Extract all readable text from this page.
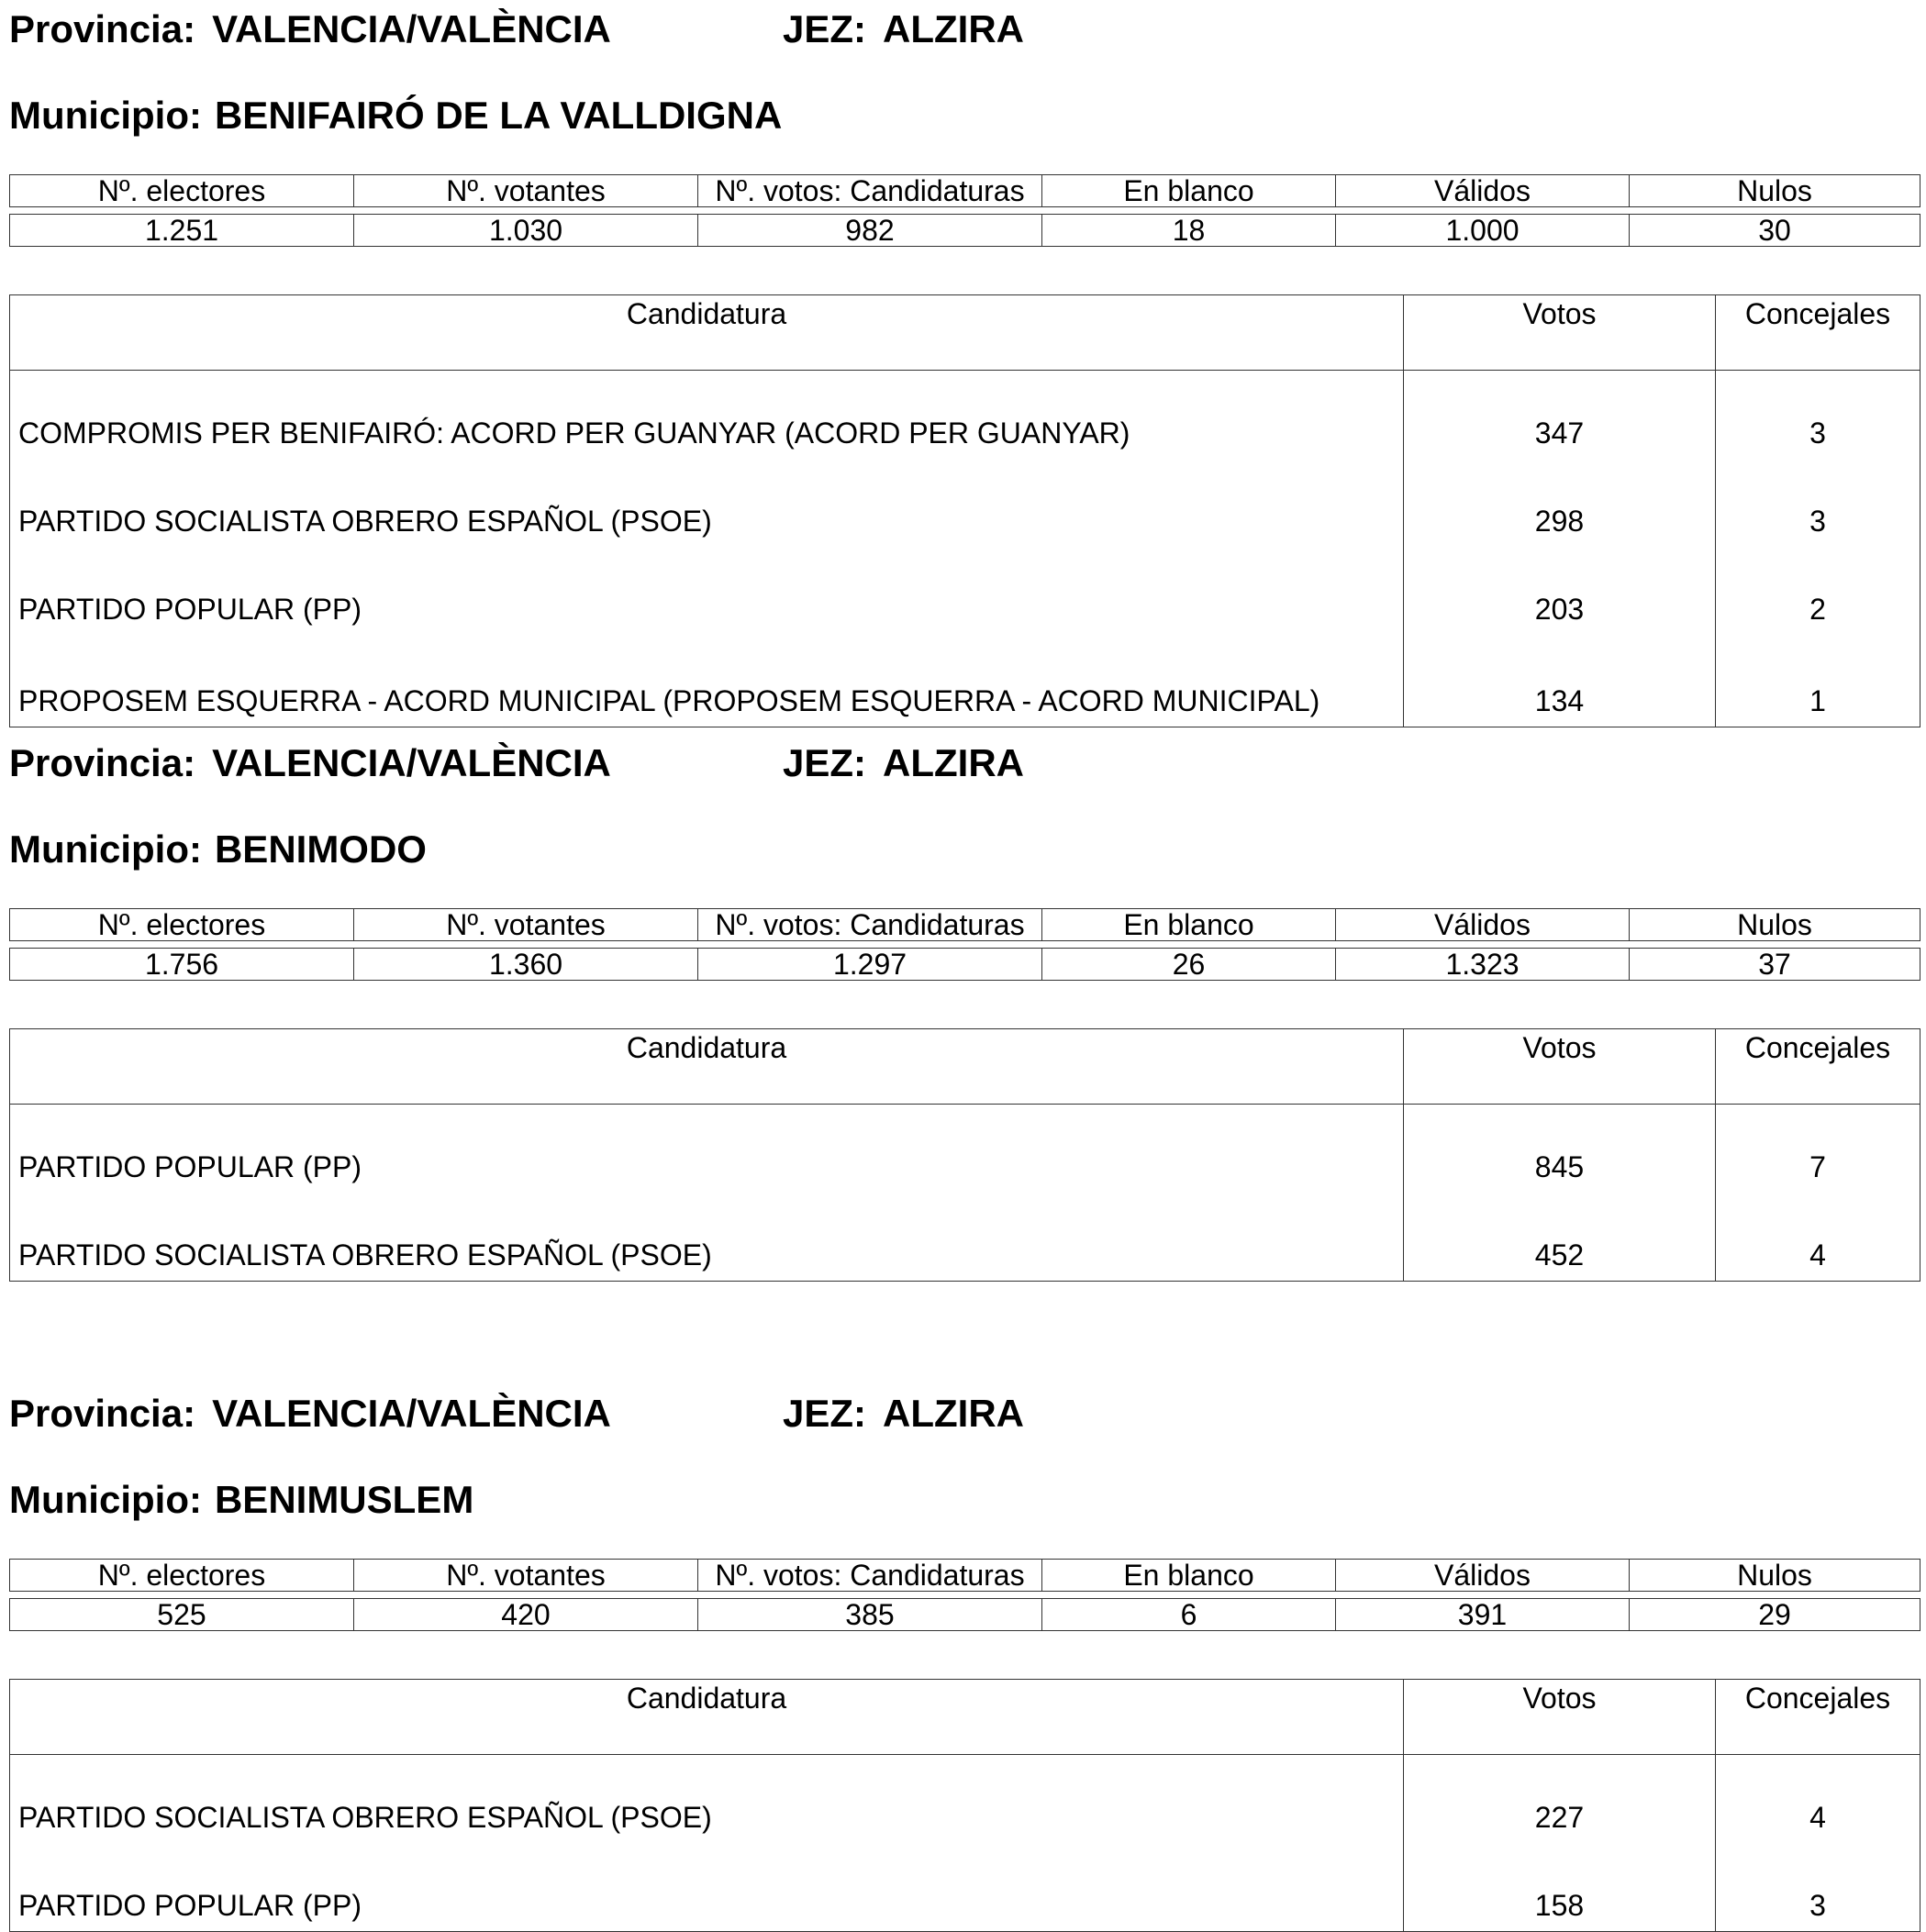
Provincia: VALENCIA/VALÈNCIA	JEZ: ALZIRA
Municipio: BENIFAIRÓ DE LA VALLDIGNA
Nº. electores	Nº. votantes	Nº. votos: Candidaturas	En blanco	Válidos	Nulos

1.251	1.030	982	18	1.000	30
Candidatura	Votos	Concejales
COMPROMIS PER BENIFAIRÓ: ACORD PER GUANYAR (ACORD PER GUANYAR)	347	3
PARTIDO SOCIALISTA OBRERO ESPAÑOL (PSOE)	298	3
PARTIDO POPULAR (PP)	203	2
PROPOSEM ESQUERRA - ACORD MUNICIPAL (PROPOSEM ESQUERRA - ACORD MUNICIPAL)	134	1
Provincia: VALENCIA/VALÈNCIA	JEZ: ALZIRA
Municipio: BENIMODO
Nº. electores	Nº. votantes	Nº. votos: Candidaturas	En blanco	Válidos	Nulos

1.756	1.360	1.297	26	1.323	37
Candidatura	Votos	Concejales
PARTIDO POPULAR (PP)	845	7
PARTIDO SOCIALISTA OBRERO ESPAÑOL (PSOE)	452	4
Provincia: VALENCIA/VALÈNCIA	JEZ: ALZIRA
Municipio: BENIMUSLEM
Nº. electores	Nº. votantes	Nº. votos: Candidaturas	En blanco	Válidos	Nulos

525	420	385	6	391	29
Candidatura	Votos	Concejales
PARTIDO SOCIALISTA OBRERO ESPAÑOL (PSOE)	227	4
PARTIDO POPULAR (PP)	158	3
